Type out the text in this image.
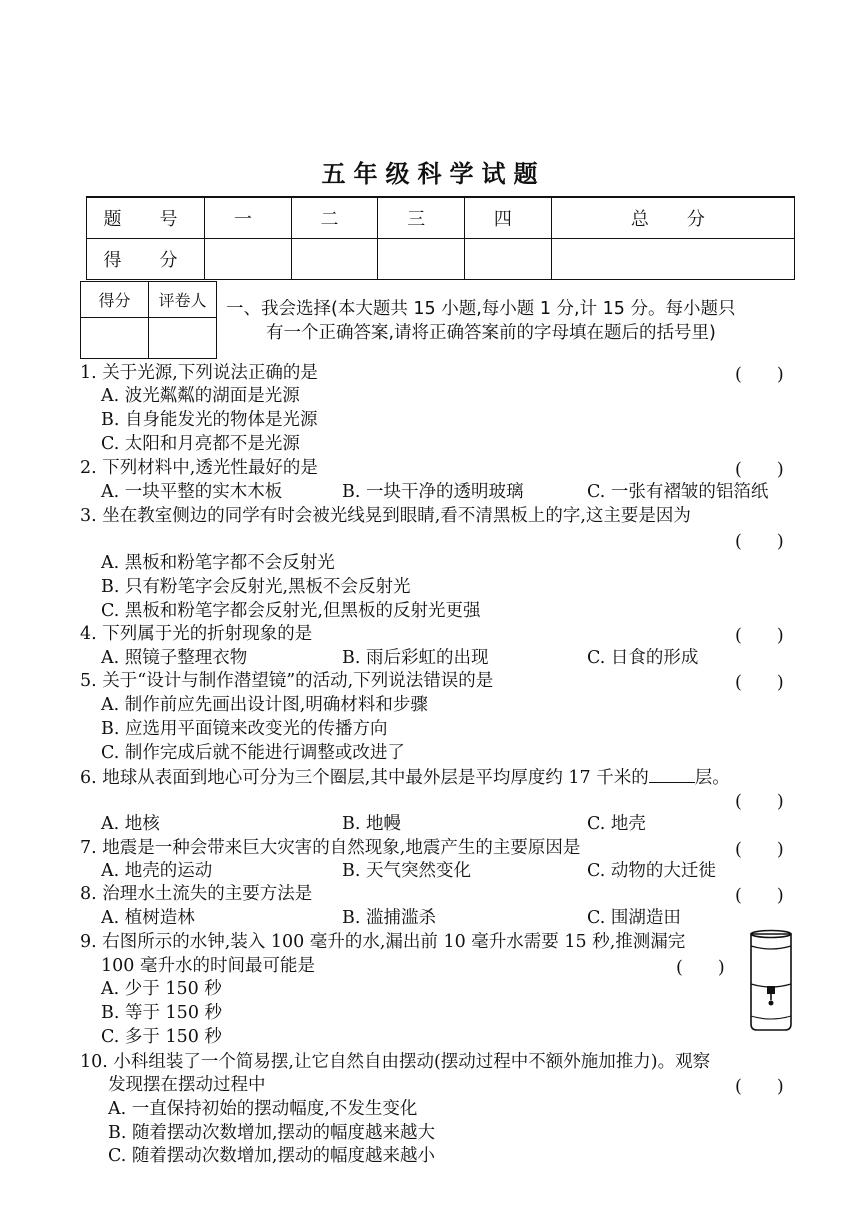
五年级科学试题
题　号	一	二	三	四	总　分
得　分					
得分	评卷人
	一、我会选择(本大题共 15 小题,每小题 1 分,计 15 分。每小题只
有一个正确答案,请将正确答案前的字母填在题后的括号里)
1. 关于光源,下列说法正确的是	(　　)
A. 波光粼粼的湖面是光源
B. 自身能发光的物体是光源
C. 太阳和月亮都不是光源
2. 下列材料中,透光性最好的是	(　　)
A. 一块平整的实木木板	B. 一块干净的透明玻璃	C. 一张有褶皱的铝箔纸
3. 坐在教室侧边的同学有时会被光线晃到眼睛,看不清黑板上的字,这主要是因为
(　　)
A. 黑板和粉笔字都不会反射光
B. 只有粉笔字会反射光,黑板不会反射光
C. 黑板和粉笔字都会反射光,但黑板的反射光更强
4. 下列属于光的折射现象的是	(　　)
A. 照镜子整理衣物	B. 雨后彩虹的出现	C. 日食的形成
5. 关于“设计与制作潜望镜”的活动,下列说法错误的是	(　　)
A. 制作前应先画出设计图,明确材料和步骤
B. 应选用平面镜来改变光的传播方向
C. 制作完成后就不能进行调整或改进了
6. 地球从表面到地心可分为三个圈层,其中最外层是平均厚度约 17 千米的	层。
(　　)
A. 地核	B. 地幔	C. 地壳
7. 地震是一种会带来巨大灾害的自然现象,地震产生的主要原因是	(　　)
A. 地壳的运动	B. 天气突然变化	C. 动物的大迁徙
8. 治理水土流失的主要方法是	(　　)
A. 植树造林	B. 滥捕滥杀	C. 围湖造田
9. 右图所示的水钟,装入 100 毫升的水,漏出前 10 毫升水需要 15 秒,推测漏完
100 毫升水的时间最可能是	(　　)
A. 少于 150 秒
B. 等于 150 秒
C. 多于 150 秒
10. 小科组装了一个简易摆,让它自然自由摆动(摆动过程中不额外施加推力)。观察
发现摆在摆动过程中	(　　)
A. 一直保持初始的摆动幅度,不发生变化
B. 随着摆动次数增加,摆动的幅度越来越大
C. 随着摆动次数增加,摆动的幅度越来越小
